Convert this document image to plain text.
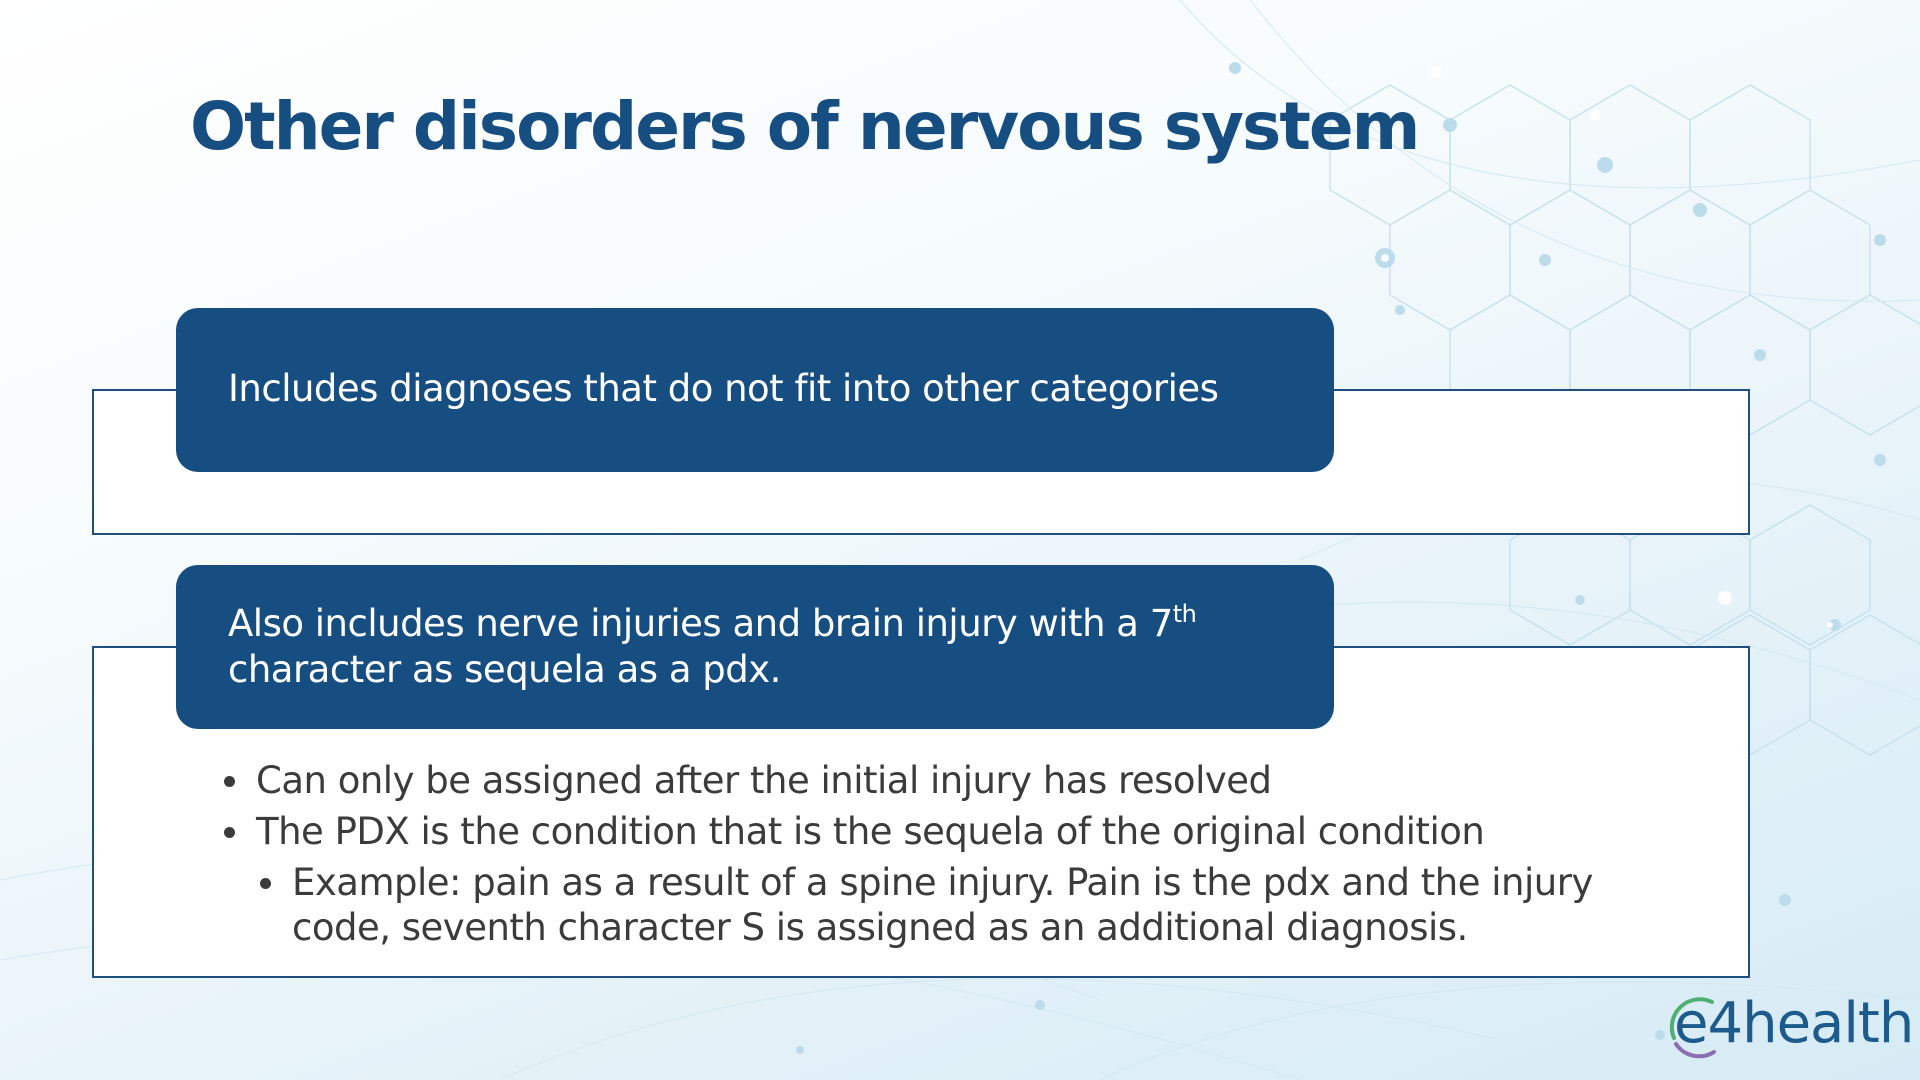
Other disorders of nervous system
Includes diagnoses that do not fit into other categories
Also includes nerve injuries and brain injury with a 7th
character as sequela as a pdx.
Can only be assigned after the initial injury has resolved
The PDX is the condition that is the sequela of the original condition
Example: pain as a result of a spine injury. Pain is the pdx and the injury
code, seventh character S is assigned as an additional diagnosis.
e4health
